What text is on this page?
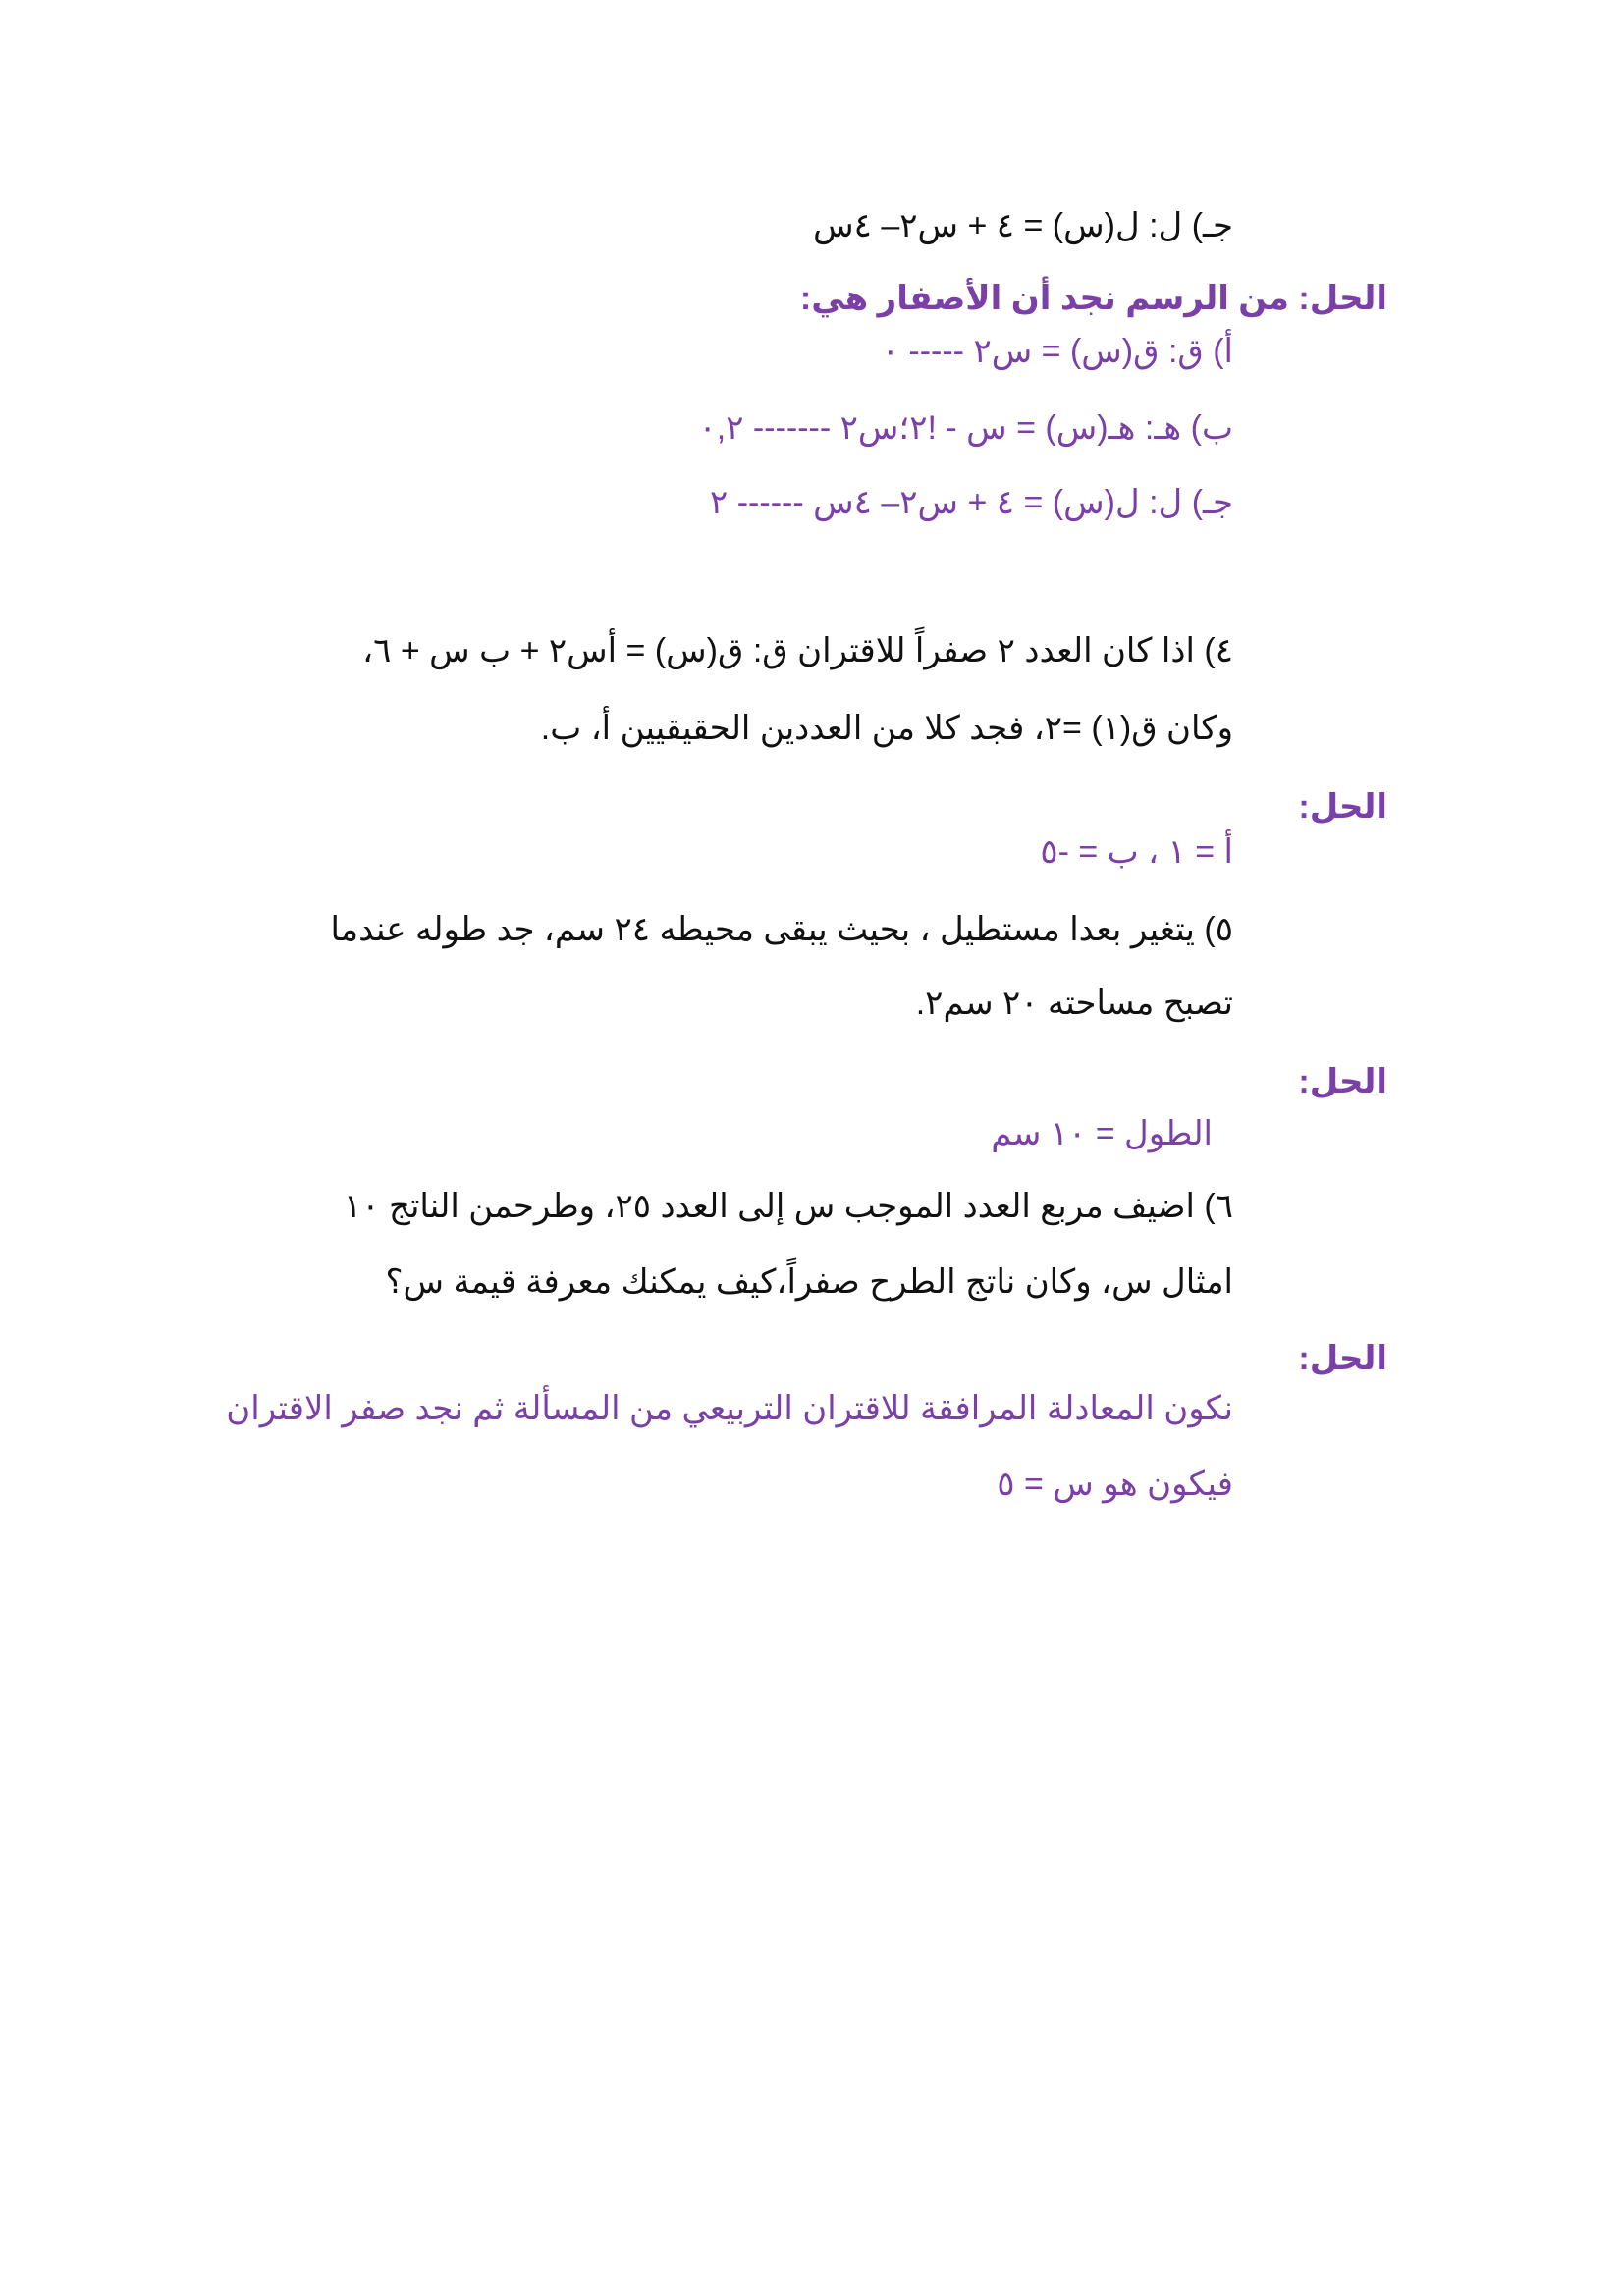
جـ) ل: ل(س) = ٤ + س٢– ٤س
الحل: من الرسم نجد أن الأصفار هي:
أ) ق: ق(س) = س٢ ----- ٠
ب) هـ: هـ(س) = س - !٢؛س٢ ------- ٠,٢
جـ) ل: ل(س) = ٤ + س٢– ٤س ------ ٢
٤) اذا كان العدد ٢ صفراً للاقتران ق: ق(س) = أس٢ + ب س + ٦،
وكان ق(١) =٢، فجد كلا من العددين الحقيقيين أ، ب.
الحل:
أ = ١ ، ب = -٥
٥) يتغير بعدا مستطيل ، بحيث يبقى محيطه ٢٤ سم، جد طوله عندما
تصبح مساحته ٢٠ سم٢.
الحل:
الطول = ١٠ سم
٦) اضيف مربع العدد الموجب س إلى العدد ٢٥، وطرحمن الناتج ١٠
امثال س، وكان ناتج الطرح صفراً،كيف يمكنك معرفة قيمة س؟
الحل:
نكون المعادلة المرافقة للاقتران التربيعي من المسألة ثم نجد صفر الاقتران
فيكون هو س = ٥
